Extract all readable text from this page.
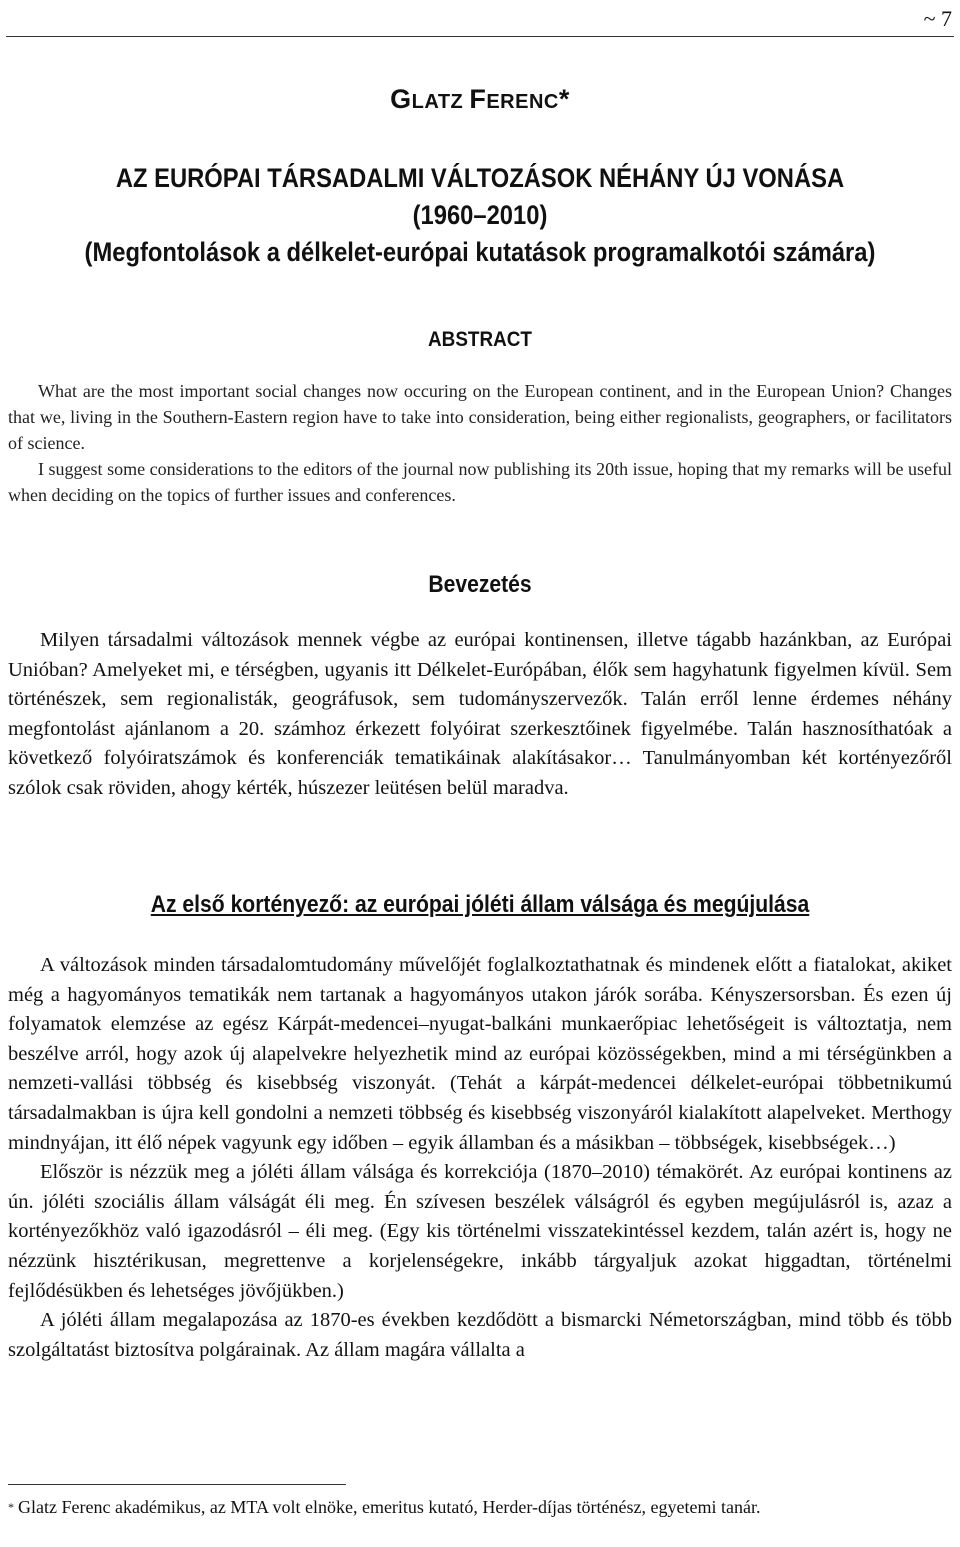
~ 7
GLATZ FERENC*
AZ EURÓPAI TÁRSADALMI VÁLTOZÁSOK NÉHÁNY ÚJ VONÁSA
(1960–2010)
(Megfontolások a délkelet-európai kutatások programalkotói számára)
ABSTRACT

What are the most important social changes now occuring on the European continent, and in the European Union? Changes that we, living in the Southern-Eastern region have to take into consideration, being either regionalists, geographers, or facilitators of science.

I suggest some considerations to the editors of the journal now publishing its 20th issue, hoping that my remarks will be useful when deciding on the topics of further issues and conferences.

Bevezetés

Milyen társadalmi változások mennek végbe az európai kontinensen, illetve tágabb hazánkban, az Európai Unióban? Amelyeket mi, e térségben, ugyanis itt Délkelet-Európában, élők sem hagyhatunk figyelmen kívül. Sem történészek, sem regionalisták, geográfusok, sem tudományszervezők. Talán erről lenne érdemes néhány megfontolást ajánlanom a 20. számhoz érkezett folyóirat szerkesztőinek figyelmébe. Talán hasznosíthatóak a következő folyóiratszámok és konferenciák tematikáinak alakításakor… Tanulmányomban két kortényezőről szólok csak röviden, ahogy kérték, húszezer leütésen belül maradva.

Az első kortényező: az európai jóléti állam válsága és megújulása

A változások minden társadalomtudomány művelőjét foglalkoztathatnak és mindenek előtt a fiatalokat, akiket még a hagyományos tematikák nem tartanak a hagyományos utakon járók sorába. Kényszersorsban. És ezen új folyamatok elemzése az egész Kárpát-medencei–nyugat-balkáni munkaerőpiac lehetőségeit is változtatja, nem beszélve arról, hogy azok új alapelvekre helyezhetik mind az európai közösségekben, mind a mi térségünkben a nemzeti-vallási többség és kisebbség viszonyát. (Tehát a kárpát-medencei délkelet-európai többetnikumú társadalmakban is újra kell gondolni a nemzeti többség és kisebbség viszonyáról kialakított alapelveket. Merthogy mindnyájan, itt élő népek vagyunk egy időben – egyik államban és a másikban – többségek, kisebbségek…)

Először is nézzük meg a jóléti állam válsága és korrekciója (1870–2010) témakörét. Az európai kontinens az ún. jóléti szociális állam válságát éli meg. Én szívesen beszélek válságról és egyben megújulásról is, azaz a kortényezőkhöz való igazodásról – éli meg. (Egy kis történelmi visszatekintéssel kezdem, talán azért is, hogy ne nézzünk hisztérikusan, megrettenve a korjelenségekre, inkább tárgyaljuk azokat higgadtan, történelmi fejlődésükben és lehetséges jövőjükben.)

A jóléti állam megalapozása az 1870-es években kezdődött a bismarcki Németországban, mind több és több szolgáltatást biztosítva polgárainak. Az állam magára vállalta a

* Glatz Ferenc akadémikus, az MTA volt elnöke, emeritus kutató, Herder-díjas történész, egyetemi tanár.
